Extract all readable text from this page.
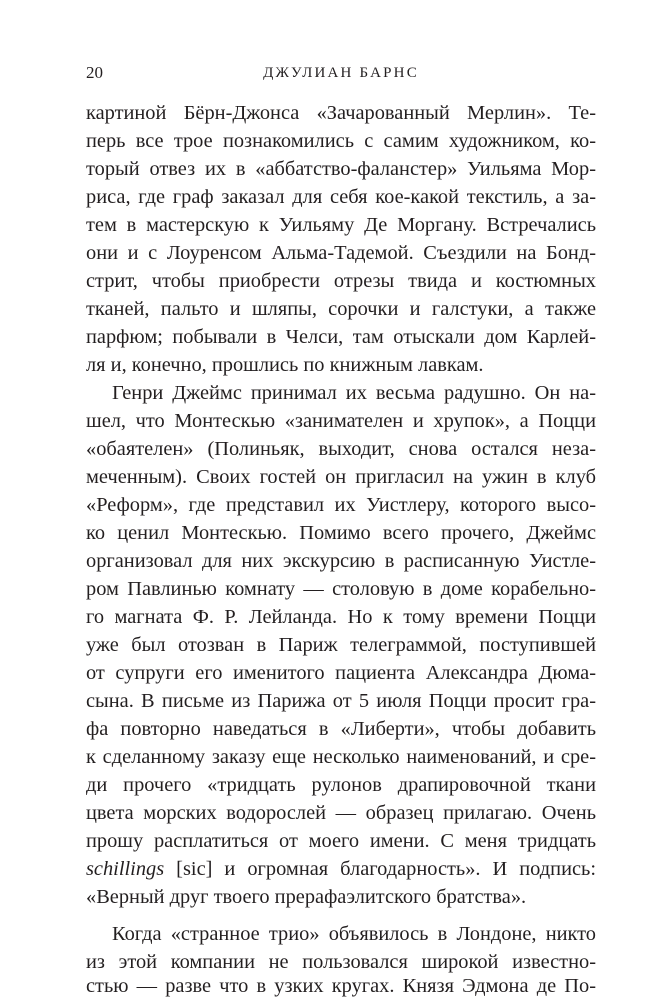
20	ДЖУЛИАН БАРНС
картиной Бёрн-Джонса «Зачарованный Мерлин». Те-
перь все трое познакомились с самим художником, ко-
торый отвез их в «аббатство-фаланстер» Уильяма Мор-
риса, где граф заказал для себя кое-какой текстиль, а за-
тем в мастерскую к Уильяму Де Моргану. Встречались
они и с Лоуренсом Альма-Тадемой. Съездили на Бонд-
стрит, чтобы приобрести отрезы твида и костюмных
тканей, пальто и шляпы, сорочки и галстуки, а также
парфюм; побывали в Челси, там отыскали дом Карлей-
ля и, конечно, прошлись по книжным лавкам.
Генри Джеймс принимал их весьма радушно. Он на-
шел, что Монтескью «занимателен и хрупок», а Поцци
«обаятелен» (Полиньяк, выходит, снова остался неза-
меченным). Своих гостей он пригласил на ужин в клуб
«Реформ», где представил их Уистлеру, которого высо-
ко ценил Монтескью. Помимо всего прочего, Джеймс
организовал для них экскурсию в расписанную Уистле-
ром Павлинью комнату — столовую в доме корабельно-
го магната Ф. Р. Лейланда. Но к тому времени Поцци
уже был отозван в Париж телеграммой, поступившей
от супруги его именитого пациента Александра Дюма-
сына. В письме из Парижа от 5 июля Поцци просит гра-
фа повторно наведаться в «Либерти», чтобы добавить
к сделанному заказу еще несколько наименований, и сре-
ди прочего «тридцать рулонов драпировочной ткани
цвета морских водорослей — образец прилагаю. Очень
прошу расплатиться от моего имени. С меня тридцать
schillings [sic] и огромная благодарность». И подпись:
«Верный друг твоего прерафаэлитского братства».
Когда «странное трио» объявилось в Лондоне, никто
из этой компании не пользовался широкой известно-
стью — разве что в узких кругах. Князя Эдмона де По-
